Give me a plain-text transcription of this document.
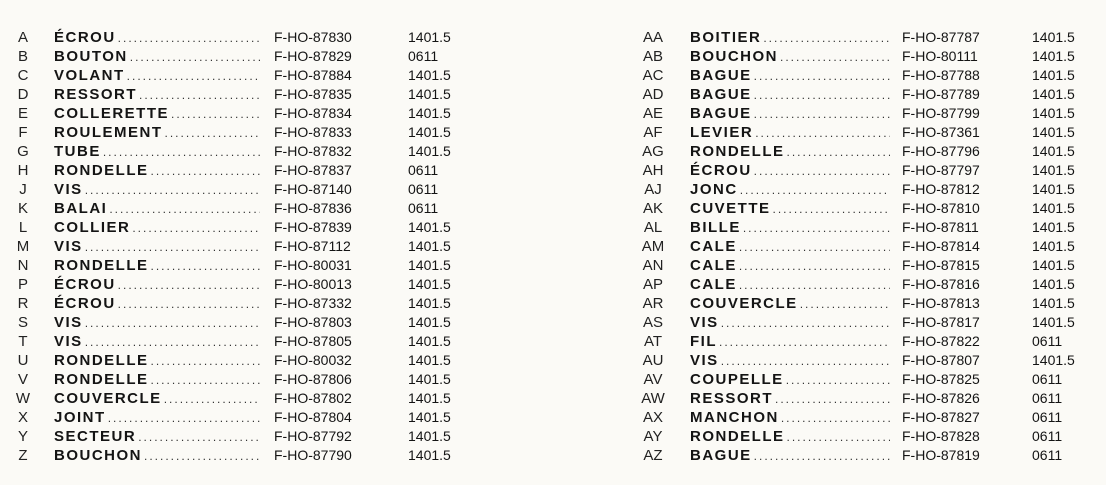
A	ÉCROU .....	F-HO-87830	1401.5
B	BOUTON .....	F-HO-87829	0611
C	VOLANT .....	F-HO-87884	1401.5
D	RESSORT .....	F-HO-87835	1401.5
E	COLLERETTE .....	F-HO-87834	1401.5
F	ROULEMENT .....	F-HO-87833	1401.5
G	TUBE .....	F-HO-87832	1401.5
H	RONDELLE .....	F-HO-87837	0611
J	VIS .....	F-HO-87140	0611
K	BALAI .....	F-HO-87836	0611
L	COLLIER .....	F-HO-87839	1401.5
M	VIS .....	F-HO-87112	1401.5
N	RONDELLE .....	F-HO-80031	1401.5
P	ÉCROU .....	F-HO-80013	1401.5
R	ÉCROU .....	F-HO-87332	1401.5
S	VIS .....	F-HO-87803	1401.5
T	VIS .....	F-HO-87805	1401.5
U	RONDELLE .....	F-HO-80032	1401.5
V	RONDELLE .....	F-HO-87806	1401.5
W	COUVERCLE .....	F-HO-87802	1401.5
X	JOINT .....	F-HO-87804	1401.5
Y	SECTEUR .....	F-HO-87792	1401.5
Z	BOUCHON .....	F-HO-87790	1401.5
AA	BOITIER .....	F-HO-87787	1401.5
AB	BOUCHON .....	F-HO-80111	1401.5
AC	BAGUE .....	F-HO-87788	1401.5
AD	BAGUE .....	F-HO-87789	1401.5
AE	BAGUE .....	F-HO-87799	1401.5
AF	LEVIER .....	F-HO-87361	1401.5
AG	RONDELLE .....	F-HO-87796	1401.5
AH	ÉCROU .....	F-HO-87797	1401.5
AJ	JONC .....	F-HO-87812	1401.5
AK	CUVETTE .....	F-HO-87810	1401.5
AL	BILLE .....	F-HO-87811	1401.5
AM	CALE .....	F-HO-87814	1401.5
AN	CALE .....	F-HO-87815	1401.5
AP	CALE .....	F-HO-87816	1401.5
AR	COUVERCLE .....	F-HO-87813	1401.5
AS	VIS .....	F-HO-87817	1401.5
AT	FIL .....	F-HO-87822	0611
AU	VIS .....	F-HO-87807	1401.5
AV	COUPELLE .....	F-HO-87825	0611
AW	RESSORT .....	F-HO-87826	0611
AX	MANCHON .....	F-HO-87827	0611
AY	RONDELLE .....	F-HO-87828	0611
AZ	BAGUE .....	F-HO-87819	0611
